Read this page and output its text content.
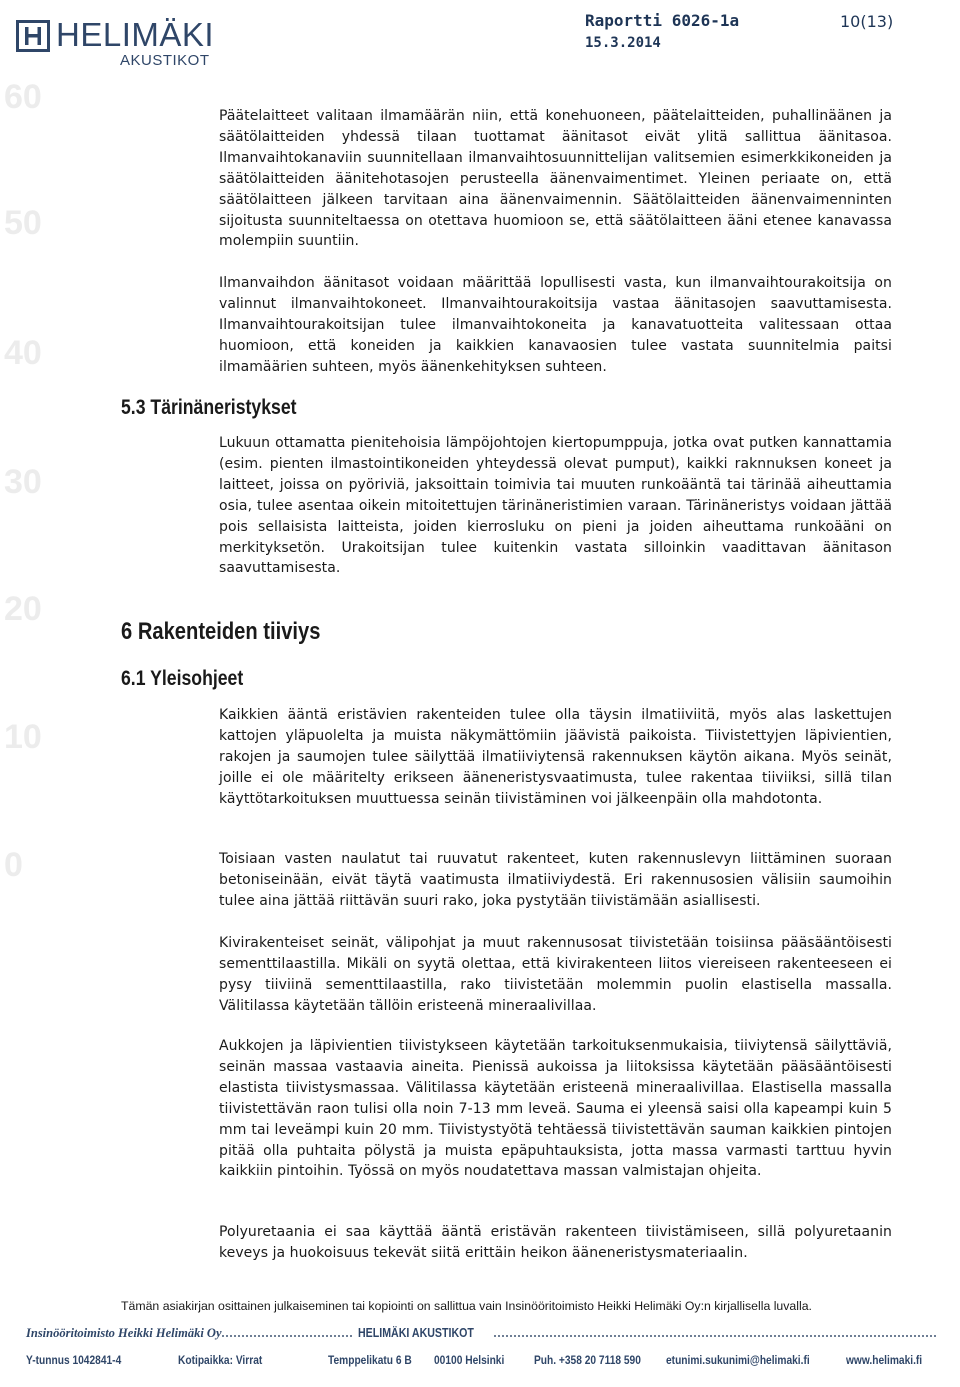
60
50
40
30
20
10
0
HELIMÄKI
AKUSTIKOT
Raportti 6026-1a
15.3.2014
10(13)

Päätelaitteet valitaan ilmamäärän niin, että konehuoneen, päätelaitteiden, puhallinäänen ja säätölaitteiden yhdessä tilaan tuottamat äänitasot eivät ylitä sallittua äänitasoa. Ilmanvaihtokanaviin suunnitellaan ilmanvaihtosuunnittelijan valitsemien esimerkkikoneiden ja säätölaitteiden äänitehotasojen perusteella äänenvaimentimet. Yleinen periaate on, että säätölaitteen jälkeen tarvitaan aina äänenvaimennin. Säätölaitteiden äänenvaimenninten sijoitusta suunniteltaessa on otettava huomioon se, että säätölaitteen ääni etenee kanavassa molempiin suuntiin.

Ilmanvaihdon äänitasot voidaan määrittää lopullisesti vasta, kun ilmanvaihtourakoitsija on valinnut ilmanvaihtokoneet. Ilmanvaihtourakoitsija vastaa äänitasojen saavuttamisesta. Ilmanvaihtourakoitsijan tulee ilmanvaihtokoneita ja kanavatuotteita valitessaan ottaa huomioon, että koneiden ja kaikkien kanavaosien tulee vastata suunnitelmia paitsi ilmamäärien suhteen, myös äänenkehityksen suhteen.

5.3 Tärinäneristykset

Lukuun ottamatta pienitehoisia lämpöjohtojen kiertopumppuja, jotka ovat putken kannattamia (esim. pienten ilmastointikoneiden yhteydessä olevat pumput), kaikki raknnuksen koneet ja laitteet, joissa on pyöriviä, jaksoittain toimivia tai muuten runkoääntä tai tärinää aiheuttamia osia, tulee asentaa oikein mitoitettujen tärinäneristimien varaan. Tärinäneristys voidaan jättää pois sellaisista laitteista, joiden kierrosluku on pieni ja joiden aiheuttama runkoääni on merkityksetön. Urakoitsijan tulee kuitenkin vastata silloinkin vaadittavan äänitason saavuttamisesta.

6 Rakenteiden tiiviys
6.1 Yleisohjeet

Kaikkien ääntä eristävien rakenteiden tulee olla täysin ilmatiiviitä, myös alas laskettujen kattojen yläpuolelta ja muista näkymättömiin jäävistä paikoista. Tiivistettyjen läpivientien, rakojen ja saumojen tulee säilyttää ilmatiiviytensä rakennuksen käytön aikana. Myös seinät, joille ei ole määritelty erikseen ääneneristysvaatimusta, tulee rakentaa tiiviiksi, sillä tilan käyttötarkoituksen muuttuessa seinän tiivistäminen voi jälkeenpäin olla mahdotonta.

Toisiaan vasten naulatut tai ruuvatut rakenteet, kuten rakennuslevyn liittäminen suoraan betoniseinään, eivät täytä vaatimusta ilmatiiviydestä. Eri rakennusosien välisiin saumoihin tulee aina jättää riittävän suuri rako, joka pystytään tiivistämään asiallisesti.

Kivirakenteiset seinät, välipohjat ja muut rakennusosat tiivistetään toisiinsa pääsääntöisesti sementtilaastilla. Mikäli on syytä olettaa, että kivirakenteen liitos viereiseen rakenteeseen ei pysy tiiviinä sementtilaastilla, rako tiivistetään molemmin puolin elastisella massalla. Välitilassa käytetään tällöin eristeenä mineraalivillaa.

Aukkojen ja läpivientien tiivistykseen käytetään tarkoituksenmukaisia, tiiviytensä säilyttäviä, seinän massaa vastaavia aineita. Pienissä aukoissa ja liitoksissa käytetään pääsääntöisesti elastista tiivistysmassaa. Välitilassa käytetään eristeenä mineraalivillaa. Elastisella massalla tiivistettävän raon tulisi olla noin 7-13 mm leveä. Sauma ei yleensä saisi olla kapeampi kuin 5 mm tai leveämpi kuin 20 mm. Tiivistystyötä tehtäessä tiivistettävän sauman kaikkien pintojen pitää olla puhtaita pölystä ja muista epäpuhtauksista, jotta massa varmasti tarttuu hyvin kaikkiin pintoihin. Työssä on myös noudatettava massan valmistajan ohjeita.

Polyuretaania ei saa käyttää ääntä eristävän rakenteen tiivistämiseen, sillä polyuretaanin keveys ja huokoisuus tekevät siitä erittäin heikon ääneneristysmateriaalin.

Tämän asiakirjan osittainen julkaiseminen tai kopiointi on sallittua vain Insinööritoimisto Heikki Helimäki Oy:n kirjallisella luvalla.
Insinööritoimisto Heikki Helimäki Oy	HELIMÄKI AKUSTIKOT
Y-tunnus 1042841-4	Kotipaikka: Virrat	Temppelikatu 6 B 00100 Helsinki Puh. +358 20 7118 590 etunimi.sukunimi@helimaki.fi	www.helimaki.fi
